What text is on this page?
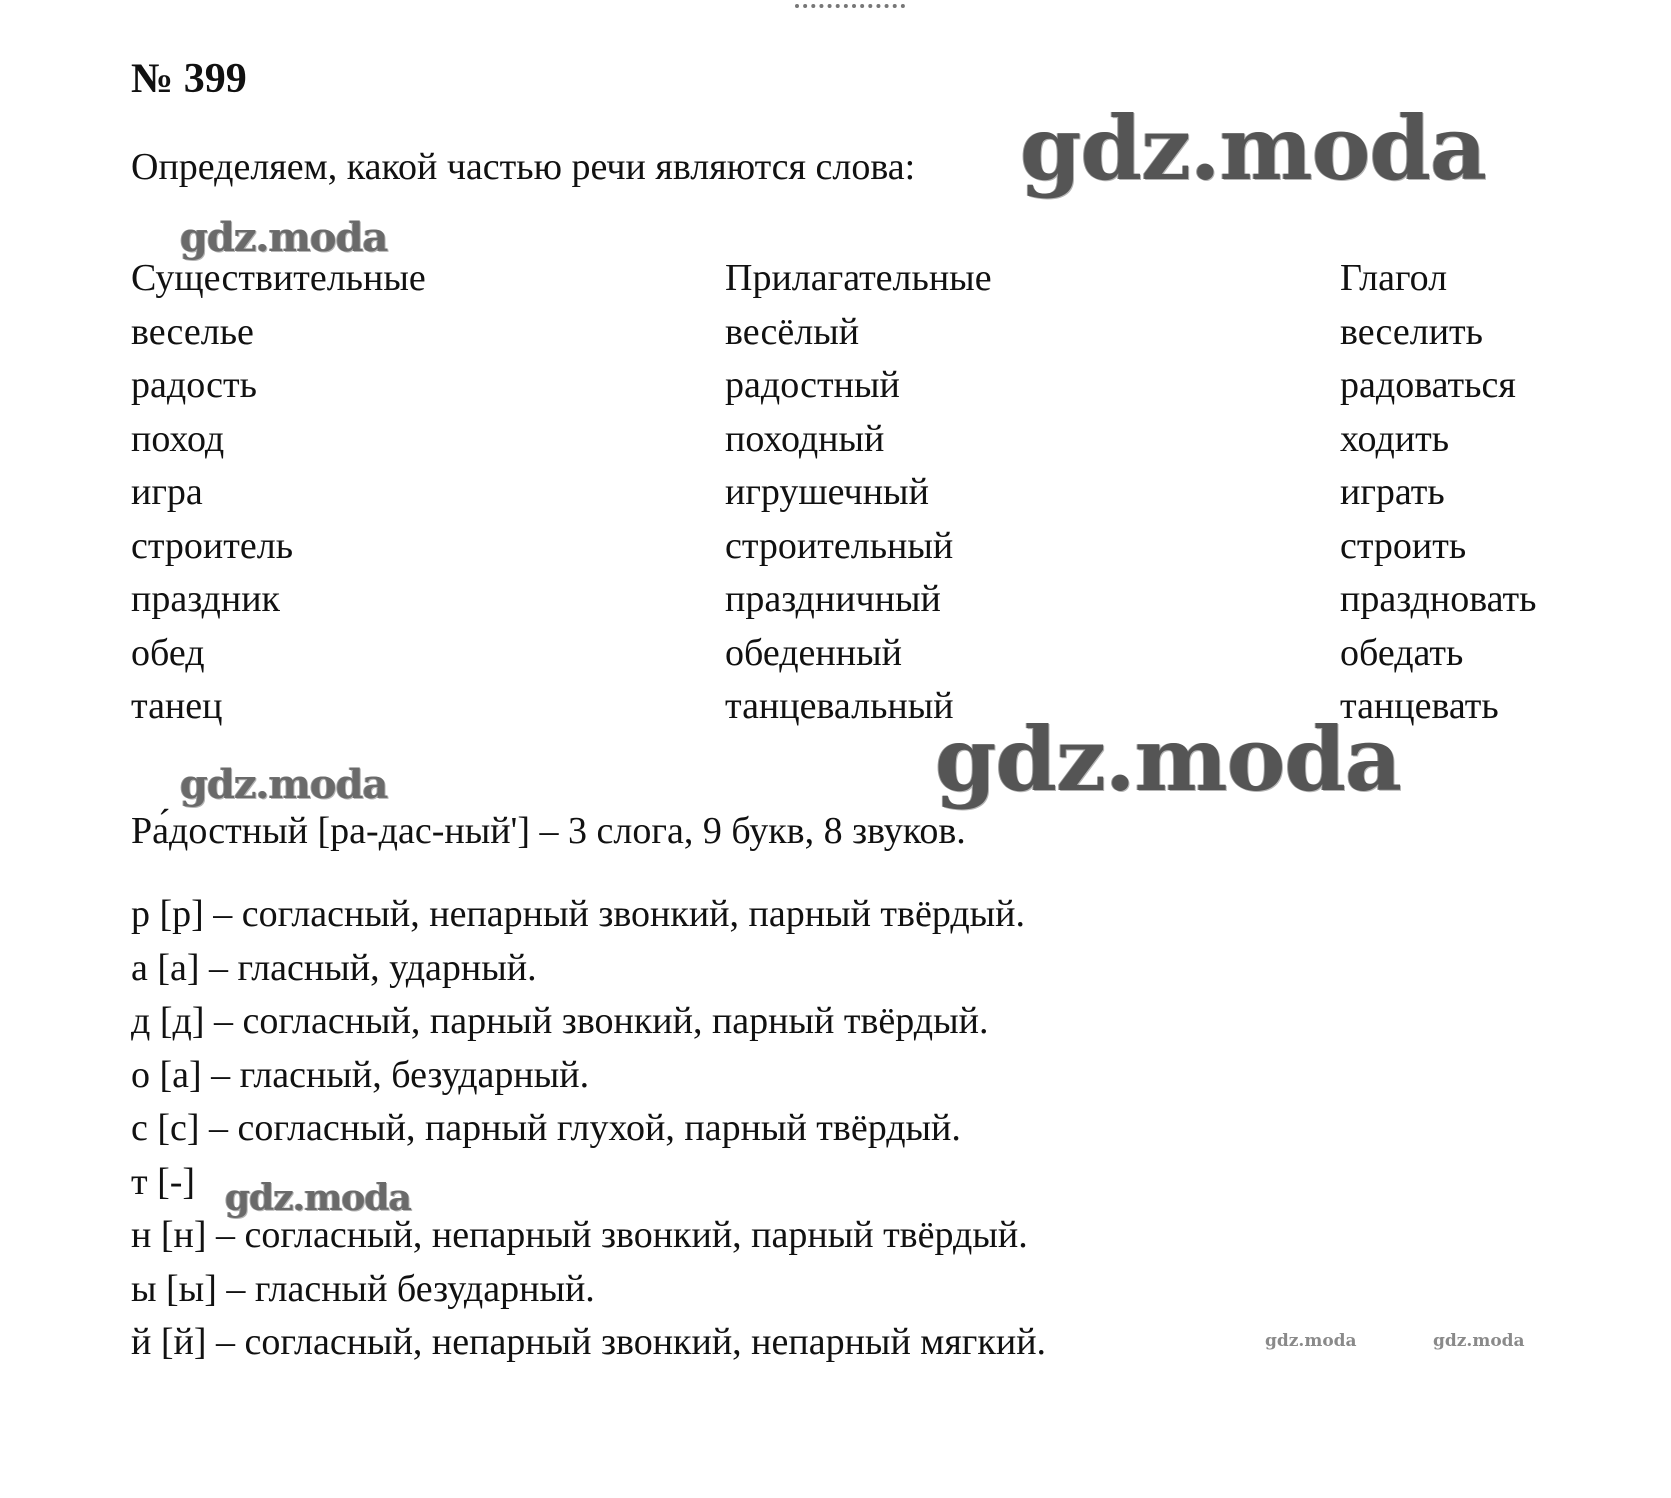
№ 399
Определяем, какой частью речи являются слова:
Существительные
веселье
радость
поход
игра
строитель
праздник
обед
танец
Прилагательные
весёлый
радостный
походный
игрушечный
строительный
праздничный
обеденный
танцевальный
Глагол
веселить
радоваться
ходить
играть
строить
праздновать
обедать
танцевать
Ра́достный [ра-дас-ный'] – 3 слога, 9 букв, 8 звуков.
р [р] – согласный, непарный звонкий, парный твёрдый.
а [а] – гласный, ударный.
д [д] – согласный, парный звонкий, парный твёрдый.
о [а] – гласный, безударный.
с [с] – согласный, парный глухой, парный твёрдый.
т [-]
н [н] – согласный, непарный звонкий, парный твёрдый.
ы [ы] – гласный безударный.
й [й] – согласный, непарный звонкий, непарный мягкий.
gdz.moda
gdz.moda
gdz.moda
gdz.moda
gdz.moda
gdz.moda	gdz.moda
